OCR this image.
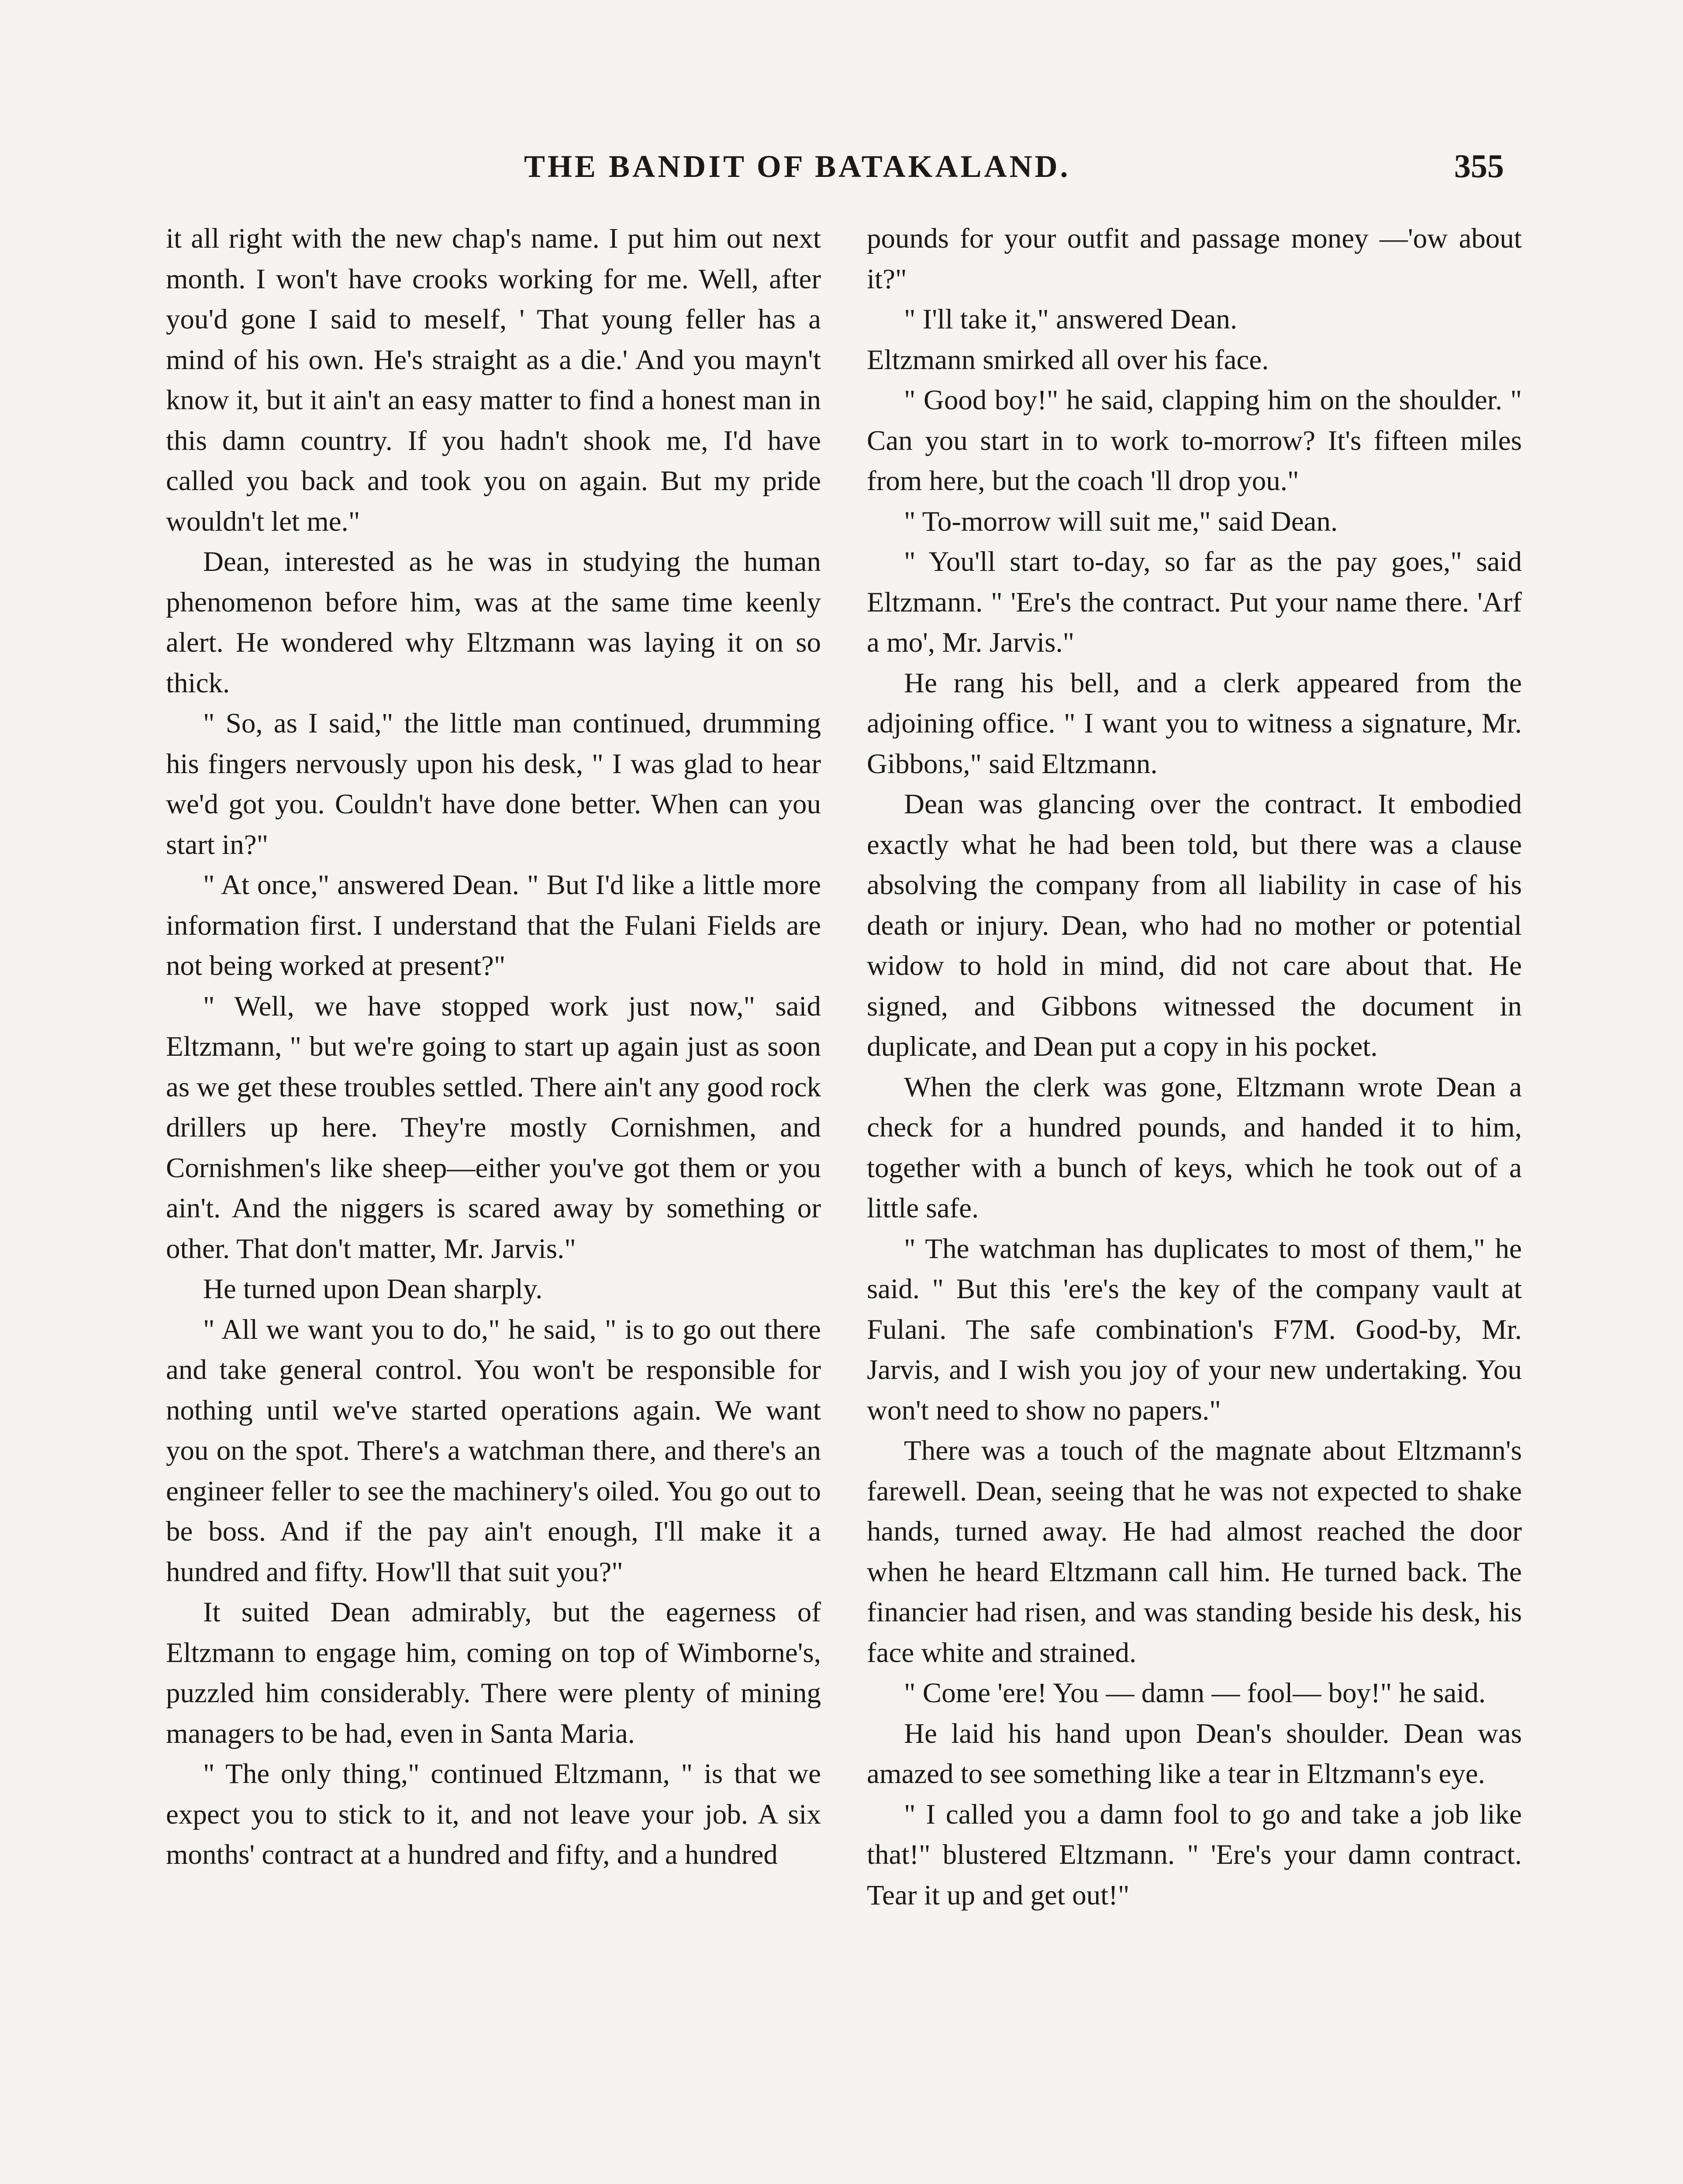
THE BANDIT OF BATAKALAND.	355

it all right with the new chap's name. I put him out next month. I won't have crooks working for me. Well, after you'd gone I said to meself, ' That young feller has a mind of his own. He's straight as a die.' And you mayn't know it, but it ain't an easy matter to find a honest man in this damn country. If you hadn't shook me, I'd have called you back and took you on again. But my pride wouldn't let me."

Dean, interested as he was in studying the human phenomenon before him, was at the same time keenly alert. He wondered why Eltzmann was laying it on so thick.

" So, as I said," the little man continued, drumming his fingers nervously upon his desk, " I was glad to hear we'd got you. Couldn't have done better. When can you start in?"

" At once," answered Dean. " But I'd like a little more information first. I understand that the Fulani Fields are not being worked at present?"

" Well, we have stopped work just now," said Eltzmann, " but we're going to start up again just as soon as we get these troubles settled. There ain't any good rock drillers up here. They're mostly Cornishmen, and Cornishmen's like sheep—either you've got them or you ain't. And the niggers is scared away by something or other. That don't matter, Mr. Jarvis."

He turned upon Dean sharply.

" All we want you to do," he said, " is to go out there and take general control. You won't be responsible for nothing until we've started operations again. We want you on the spot. There's a watchman there, and there's an engineer feller to see the machinery's oiled. You go out to be boss. And if the pay ain't enough, I'll make it a hundred and fifty. How'll that suit you?"

It suited Dean admirably, but the eagerness of Eltzmann to engage him, coming on top of Wimborne's, puzzled him considerably. There were plenty of mining managers to be had, even in Santa Maria.

" The only thing," continued Eltzmann, " is that we expect you to stick to it, and not leave your job. A six months' contract at a hundred and fifty, and a hundred

pounds for your outfit and passage money —'ow about it?"

" I'll take it," answered Dean.

Eltzmann smirked all over his face.

" Good boy!" he said, clapping him on the shoulder. " Can you start in to work to-morrow? It's fifteen miles from here, but the coach 'll drop you."

" To-morrow will suit me," said Dean.

" You'll start to-day, so far as the pay goes," said Eltzmann. " 'Ere's the contract. Put your name there. 'Arf a mo', Mr. Jarvis."

He rang his bell, and a clerk appeared from the adjoining office. " I want you to witness a signature, Mr. Gibbons," said Eltzmann.

Dean was glancing over the contract. It embodied exactly what he had been told, but there was a clause absolving the company from all liability in case of his death or injury. Dean, who had no mother or potential widow to hold in mind, did not care about that. He signed, and Gibbons witnessed the document in duplicate, and Dean put a copy in his pocket.

When the clerk was gone, Eltzmann wrote Dean a check for a hundred pounds, and handed it to him, together with a bunch of keys, which he took out of a little safe.

" The watchman has duplicates to most of them," he said. " But this 'ere's the key of the company vault at Fulani. The safe combination's F7M. Good-by, Mr. Jarvis, and I wish you joy of your new undertaking. You won't need to show no papers."

There was a touch of the magnate about Eltzmann's farewell. Dean, seeing that he was not expected to shake hands, turned away. He had almost reached the door when he heard Eltzmann call him. He turned back. The financier had risen, and was standing beside his desk, his face white and strained.

" Come 'ere! You — damn — fool— boy!" he said.

He laid his hand upon Dean's shoulder. Dean was amazed to see something like a tear in Eltzmann's eye.

" I called you a damn fool to go and take a job like that!" blustered Eltzmann. " 'Ere's your damn contract. Tear it up and get out!"
